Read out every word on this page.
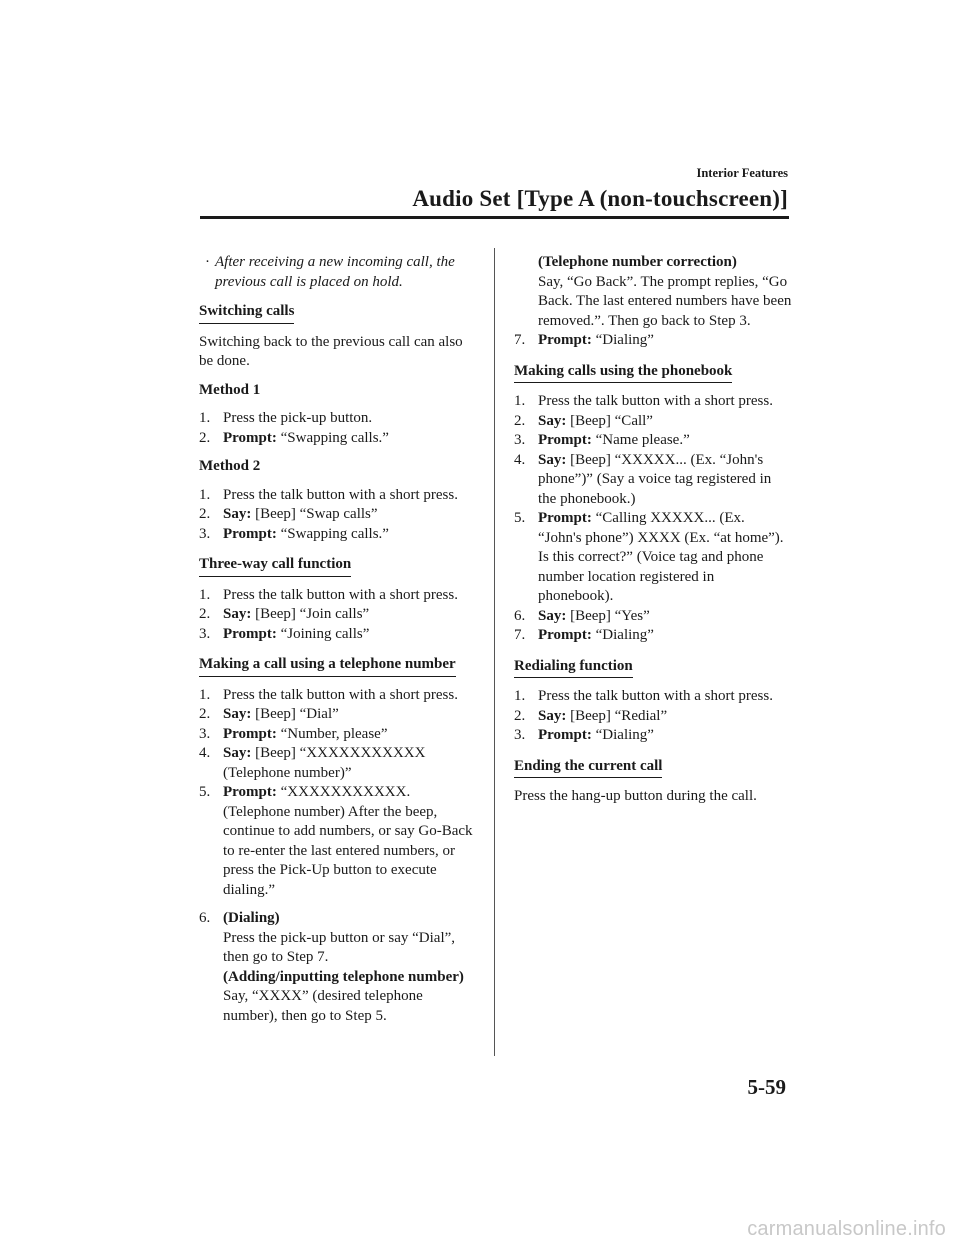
Interior Features
Audio Set [Type A (non-touchscreen)]

· After receiving a new incoming call, the previous call is placed on hold.

Switching calls

Switching back to the previous call can also be done.

Method 1

1. Press the pick-up button.
2. Prompt: “Swapping calls.”

Method 2

1. Press the talk button with a short press.
2. Say: [Beep] “Swap calls”
3. Prompt: “Swapping calls.”
Three-way call function
1. Press the talk button with a short press.
2. Say: [Beep] “Join calls”
3. Prompt: “Joining calls”
Making a call using a telephone number
1. Press the talk button with a short press.
2. Say: [Beep] “Dial”
3. Prompt: “Number, please”
4. Say: [Beep] “XXXXXXXXXXX (Telephone number)”
5. Prompt: “XXXXXXXXXXX. (Telephone number) After the beep, continue to add numbers, or say Go-Back to re-enter the last entered numbers, or press the Pick-Up button to execute dialing.”
6. (Dialing)
Press the pick-up button or say “Dial”, then go to Step 7.
(Adding/inputting telephone number)
Say, “XXXX” (desired telephone number), then go to Step 5.
(Telephone number correction)
Say, “Go Back”. The prompt replies, “Go Back. The last entered numbers have been removed.”. Then go back to Step 3.
7. Prompt: “Dialing”
Making calls using the phonebook
1. Press the talk button with a short press.
2. Say: [Beep] “Call”
3. Prompt: “Name please.”
4. Say: [Beep] “XXXXX... (Ex. “John's phone”)” (Say a voice tag registered in the phonebook.)
5. Prompt: “Calling XXXXX... (Ex. “John's phone”) XXXX (Ex. “at home”). Is this correct?” (Voice tag and phone number location registered in phonebook).
6. Say: [Beep] “Yes”
7. Prompt: “Dialing”
Redialing function
1. Press the talk button with a short press.
2. Say: [Beep] “Redial”
3. Prompt: “Dialing”
Ending the current call

Press the hang-up button during the call.

5-59
carmanualsonline.info
